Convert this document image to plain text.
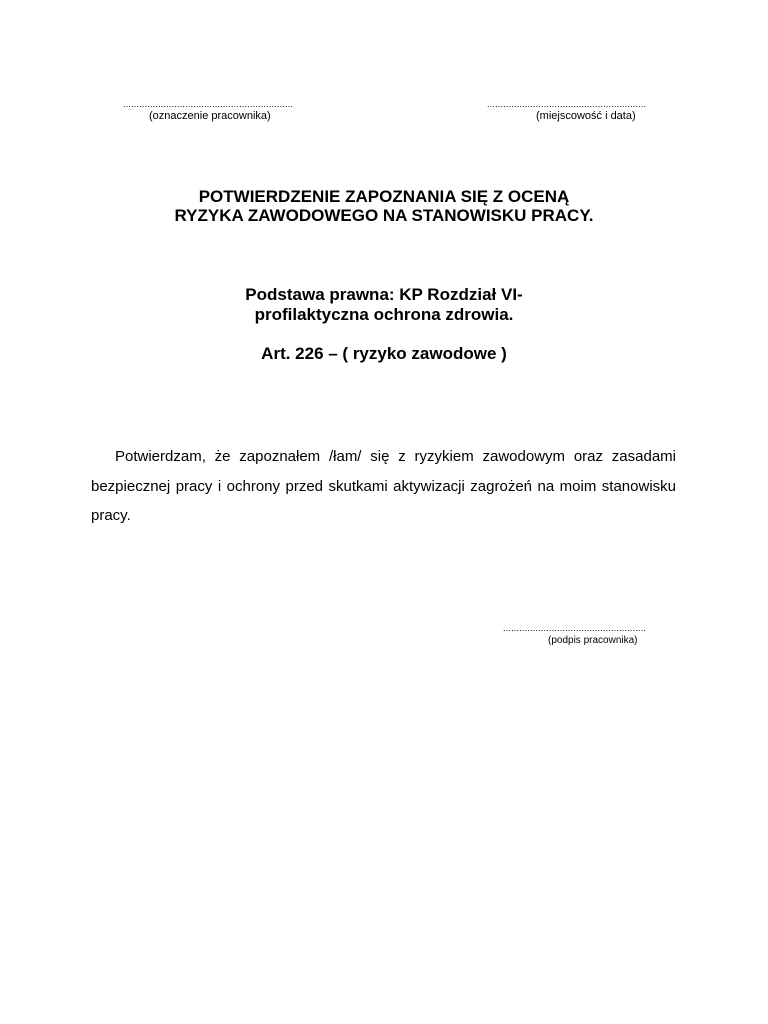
...............................................................
(oznaczenie pracownika)
...........................................................
(miejscowość i data)
POTWIERDZENIE ZAPOZNANIA SIĘ Z OCENĄ
RYZYKA ZAWODOWEGO NA STANOWISKU PRACY.
Podstawa prawna: KP Rozdział VI-
profilaktyczna ochrona zdrowia.
Art. 226 – ( ryzyko zawodowe )
Potwierdzam, że zapoznałem /łam/ się z ryzykiem zawodowym oraz zasadami bezpiecznej pracy i ochrony przed skutkami aktywizacji zagrożeń na moim stanowisku pracy.
.....................................................
(podpis pracownika)
